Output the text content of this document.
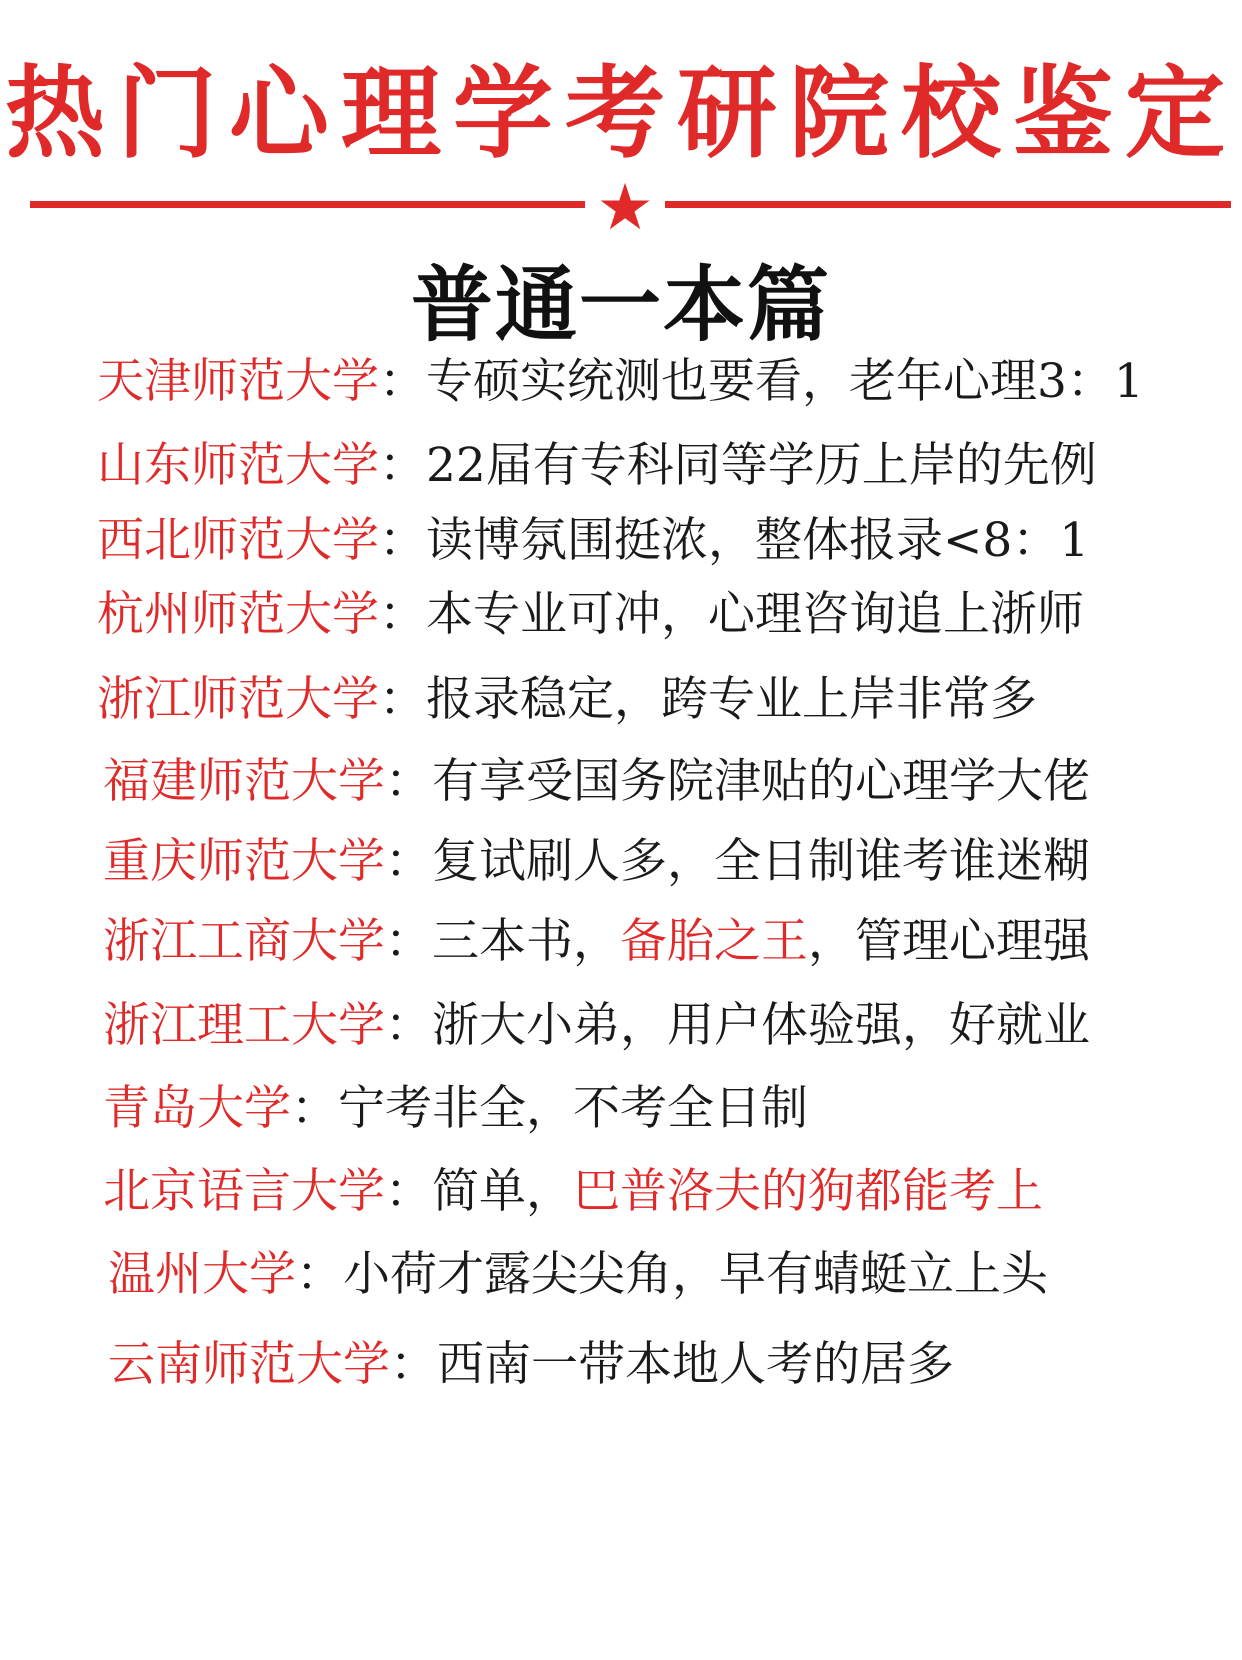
热门心理学考研院校鉴定
★
普通一本篇
天津师范大学：专硕实统测也要看，老年心理3：1
山东师范大学：22届有专科同等学历上岸的先例
西北师范大学：读博氛围挺浓，整体报录<8：1
杭州师范大学：本专业可冲，心理咨询追上浙师
浙江师范大学：报录稳定，跨专业上岸非常多
福建师范大学：有享受国务院津贴的心理学大佬
重庆师范大学：复试刷人多，全日制谁考谁迷糊
浙江工商大学：三本书，备胎之王，管理心理强
浙江理工大学：浙大小弟，用户体验强，好就业
青岛大学：宁考非全，不考全日制
北京语言大学：简单，巴普洛夫的狗都能考上
温州大学：小荷才露尖尖角，早有蜻蜓立上头
云南师范大学：西南一带本地人考的居多
